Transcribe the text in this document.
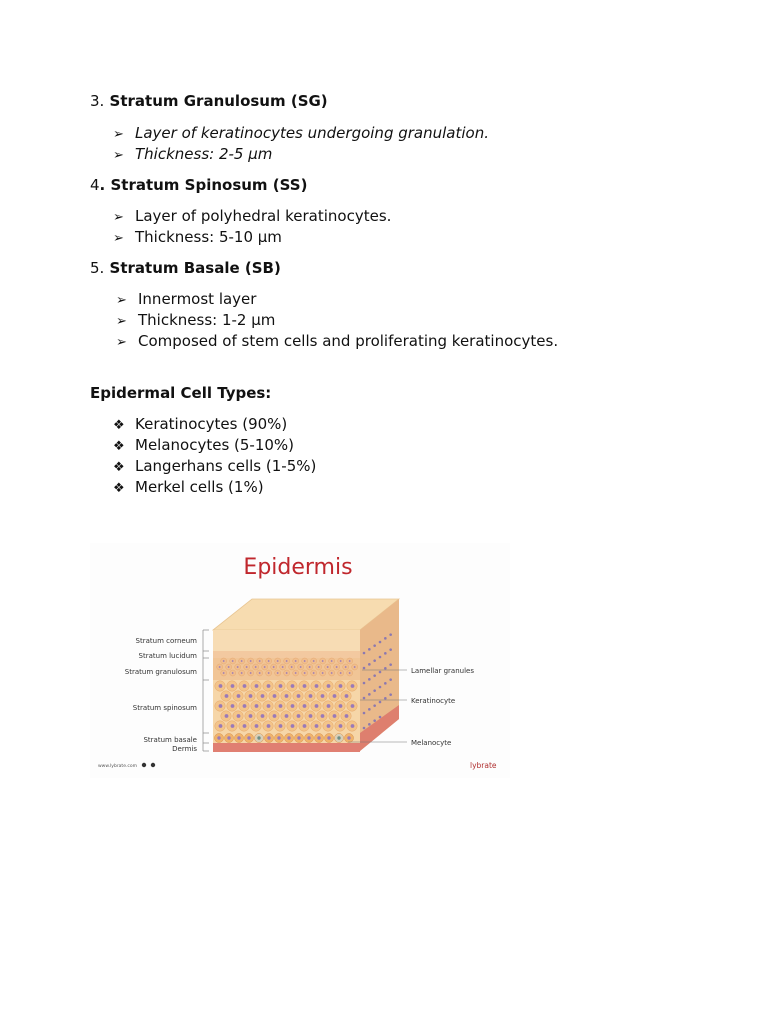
3. Stratum Granulosum (SG)

➢ Layer of keratinocytes undergoing granulation.
➢ Thickness: 2-5 µm

4. Stratum Spinosum (SS)

➢ Layer of polyhedral keratinocytes.
➢ Thickness: 5-10 µm

5. Stratum Basale (SB)

➢ Innermost layer
➢ Thickness: 1-2 µm
➢ Composed of stem cells and proliferating keratinocytes.

Epidermal Cell Types:

❖ Keratinocytes (90%)
❖ Melanocytes (5-10%)
❖ Langerhans cells (1-5%)
❖ Merkel cells (1%)
Epidermis
Stratum corneum
Stratum lucidum
Stratum granulosum
Stratum spinosum
Stratum basale
Dermis
Lamellar granules
Keratinocyte
Melanocyte
www.lybrate.com	lybrate
